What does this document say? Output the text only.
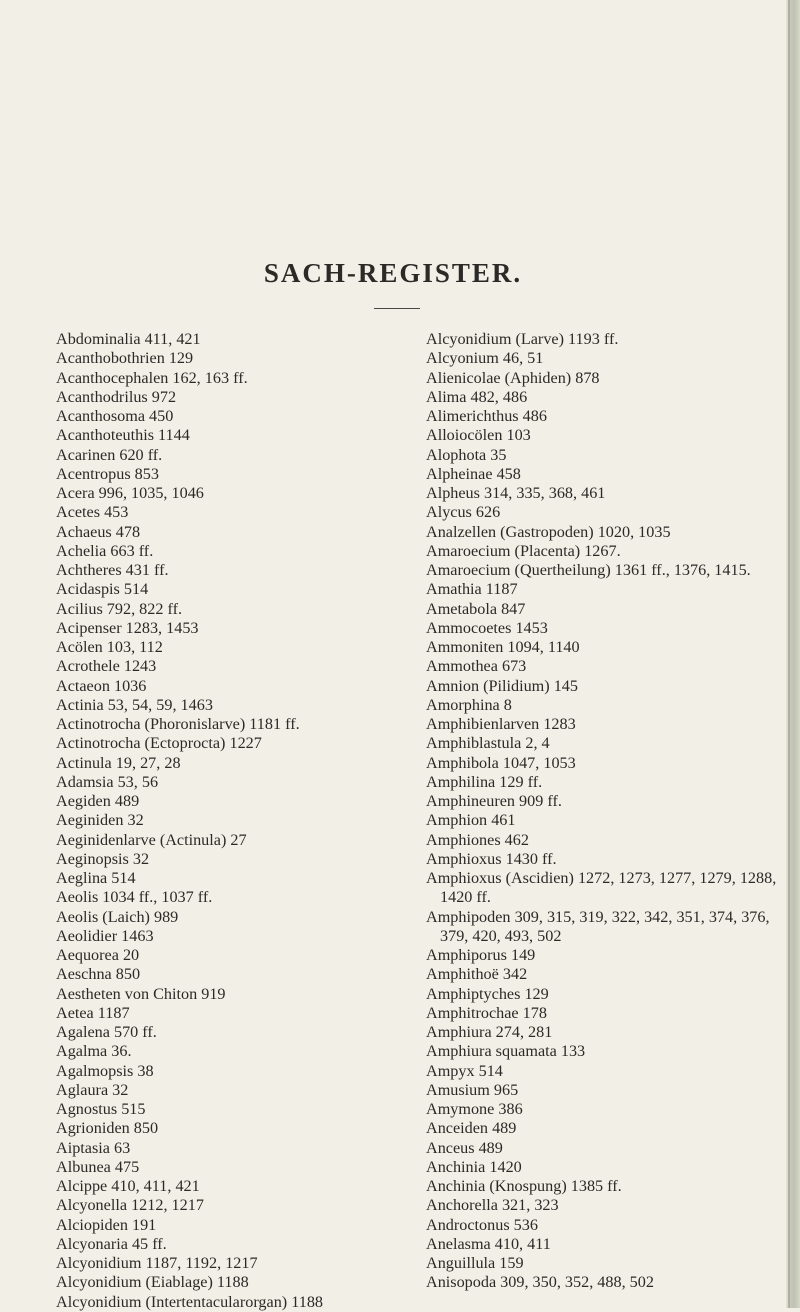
SACH-REGISTER.
Abdominalia 411, 421
Acanthobothrien 129
Acanthocephalen 162, 163 ff.
Acanthodrilus 972
Acanthosoma 450
Acanthoteuthis 1144
Acarinen 620 ff.
Acentropus 853
Acera 996, 1035, 1046
Acetes 453
Achaeus 478
Achelia 663 ff.
Achtheres 431 ff.
Acidaspis 514
Acilius 792, 822 ff.
Acipenser 1283, 1453
Acölen 103, 112
Acrothele 1243
Actaeon 1036
Actinia 53, 54, 59, 1463
Actinotrocha (Phoronislarve) 1181 ff.
Actinotrocha (Ectoprocta) 1227
Actinula 19, 27, 28
Adamsia 53, 56
Aegiden 489
Aeginiden 32
Aeginidenlarve (Actinula) 27
Aeginopsis 32
Aeglina 514
Aeolis 1034 ff., 1037 ff.
Aeolis (Laich) 989
Aeolidier 1463
Aequorea 20
Aeschna 850
Aestheten von Chiton 919
Aetea 1187
Agalena 570 ff.
Agalma 36.
Agalmopsis 38
Aglaura 32
Agnostus 515
Agrioniden 850
Aiptasia 63
Albunea 475
Alcippe 410, 411, 421
Alcyonella 1212, 1217
Alciopiden 191
Alcyonaria 45 ff.
Alcyonidium 1187, 1192, 1217
Alcyonidium (Eiablage) 1188
Alcyonidium (Intertentacularorgan) 1188
Alcyonidium (Larve) 1193 ff.
Alcyonium 46, 51
Alienicolae (Aphiden) 878
Alima 482, 486
Alimerichthus 486
Alloiocölen 103
Alophota 35
Alpheinae 458
Alpheus 314, 335, 368, 461
Alycus 626
Analzellen (Gastropoden) 1020, 1035
Amaroecium (Placenta) 1267.
Amaroecium (Quertheilung) 1361 ff., 1376, 1415.
Amathia 1187
Ametabola 847
Ammocoetes 1453
Ammoniten 1094, 1140
Ammothea 673
Amnion (Pilidium) 145
Amorphina 8
Amphibienlarven 1283
Amphiblastula 2, 4
Amphibola 1047, 1053
Amphilina 129 ff.
Amphineuren 909 ff.
Amphion 461
Amphiones 462
Amphioxus 1430 ff.
Amphioxus (Ascidien) 1272, 1273, 1277, 1279, 1288, 1420 ff.
Amphipoden 309, 315, 319, 322, 342, 351, 374, 376, 379, 420, 493, 502
Amphiporus 149
Amphithoë 342
Amphiptyches 129
Amphitrochae 178
Amphiura 274, 281
Amphiura squamata 133
Ampyx 514
Amusium 965
Amymone 386
Anceiden 489
Anceus 489
Anchinia 1420
Anchinia (Knospung) 1385 ff.
Anchorella 321, 323
Androctonus 536
Anelasma 410, 411
Anguillula 159
Anisopoda 309, 350, 352, 488, 502
